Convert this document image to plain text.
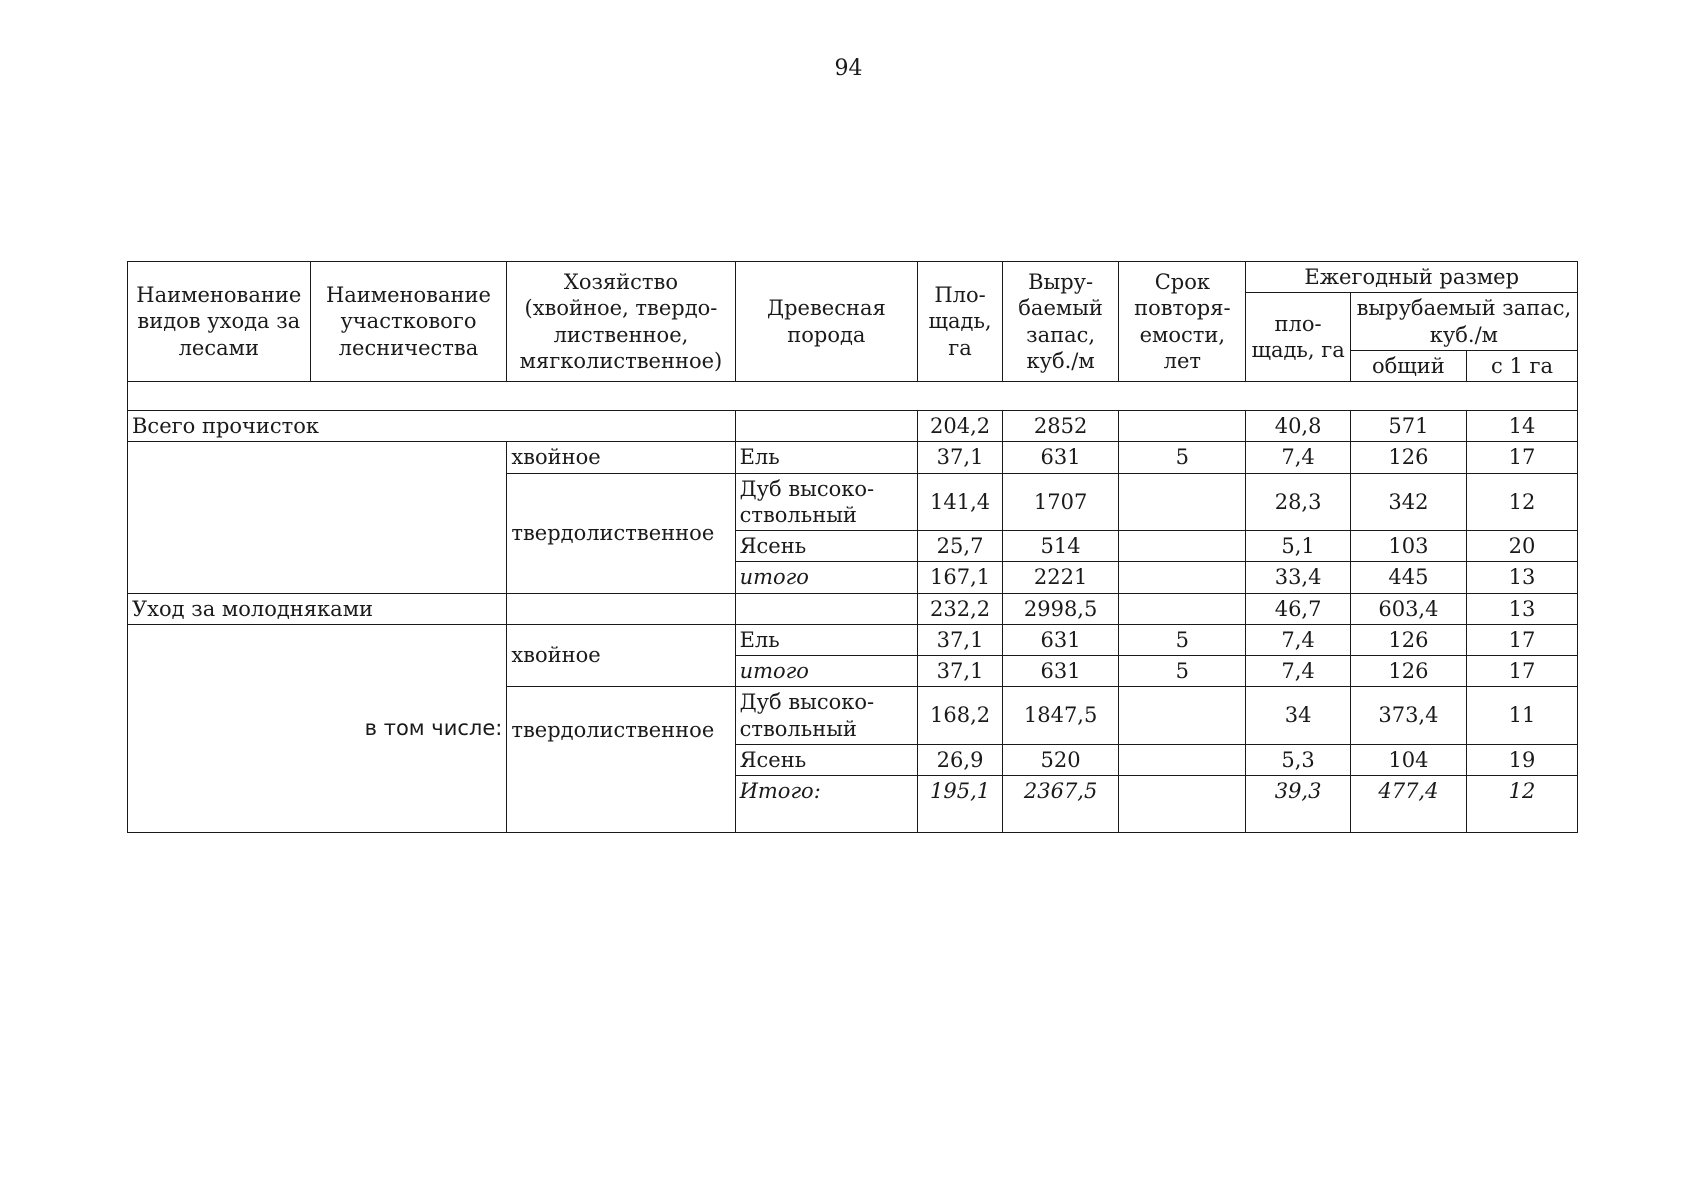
94
Наименование видов ухода за лесами	Наименование участкового лесничества	Хозяйство (хвойное, твердо-лиственное, мягколиственное)	Древесная порода	Пло-щадь, га	Выру-баемый запас, куб./м	Срок повторя-емости, лет	Ежегодный размер		
							пло-щадь, га	вырубаемый запас, куб./м	
								общий	с 1 га

Всего прочисток				204,2	2852		40,8	571	14
		хвойное	Ель	37,1	631	5	7,4	126	17
		твердолиственное	Дуб высоко-ствольный	141,4	1707		28,3	342	12
			Ясень	25,7	514		5,1	103	20
			итого	167,1	2221		33,4	445	13
Уход за молодняками				232,2	2998,5		46,7	603,4	13
в том числе:		хвойное	Ель	37,1	631	5	7,4	126	17
			итого	37,1	631	5	7,4	126	17
		твердолиственное	Дуб высоко-ствольный	168,2	1847,5		34	373,4	11
			Ясень	26,9	520		5,3	104	19
			Итого:	195,1	2367,5		39,3	477,4	12
